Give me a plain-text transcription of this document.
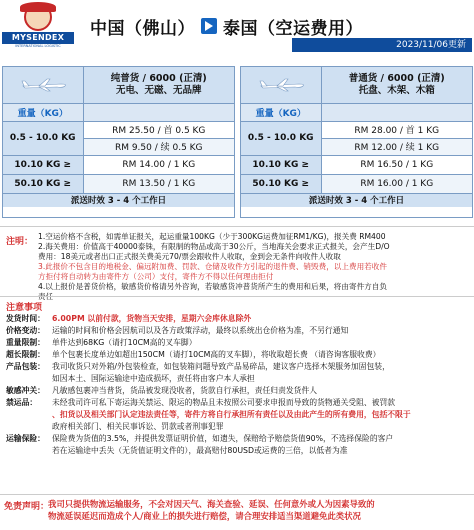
MYSENDEX
INTERNATIONAL LOGISTIC
中国（佛山） 泰国（空运费用）
2023/11/06更新

纯普货 / 6000 (正清)
无电、无磁、无品牌

重量（KG）	
0.5 - 10.0 KG	RM 25.50 / 首 0.5 KG
	RM 9.50 / 续 0.5 KG
10.10 KG ≥	RM 14.00 / 1 KG
50.10 KG ≥	RM 13.50 / 1 KG
派送时效 3 - 4 个工作日	

普通货 / 6000 (正清)
托盘、木架、木箱

重量（KG）	
0.5 - 10.0 KG	RM 28.00 / 首 1 KG
	RM 12.00 / 续 1 KG
10.10 KG ≥	RM 16.50 / 1 KG
50.10 KG ≥	RM 16.00 / 1 KG
派送时效 3 - 4 个工作日	
注明：
1.空运价格不含税，如需单证报关，起运重量100KG（少于300KG运费加征RM1/KG)，报关费 RM400
2.海关费用：价值高于40000泰铢，有限制的物品或高于30公斤，当地海关会要求正式报关，会产生D/O
费用：18美元或者出口正式报关费美元70/票会跟收件人收取，金到会无条件向收件人收取
3.此报价不包含目的地税金、偏远附加费、罚款、仓储及收件方引起的退件费、销毁费，以上费用若收件
方拒付将自动转为由寄件方（公司）支付，寄件方不得以任何理由拒付
4.以上报价是普货价格，敏感货价格请另外咨询，若敏感货冲普货所产生的费用和后果，将由寄件方自负
注意事项
发货时间： 6.00PM 以前付款，货物当天安排，星期六会库休息除外
价格变动： 运输的时间和价格会因航司以及各方政策浮动，最终以系统出仓价格为准，不另行通知
重量限制： 单件达到68KG（请打10CM高的叉车脚）
超长限制： 单个包裹长度单边如超出150CM（请打10CM高的叉车脚），将收取超长费 （请咨询客服收费）
产品包装： 我司收货只对外箱/外包装检查，如包装箱问题导致产品易碎品，建议客户选择木架服务加固包装，
如因本土、国际运输途中造成损坏，责任将由客户本人承担
敏感冲关： 凡敏感包裹冲当普货，货品被发现没收者，货款自行承担，责任归责发货件人
禁运品： 未经我司许可私下寄运海关禁运、限运的物品且未按照公司要求申报而导致的货物通关受阻、被罚款
、扣货以及相关部门认定违法责任等，寄件方将自行承担所有责任以及由此产生的所有费用，包括不限于
政府相关部门、相关民事诉讼、罚款或者刑事犯罪
运输保险： 保险费为货值的3.5%，并提供发票证明价值，如遗失，保赔给予赔偿货值90%，不选择保险的客户
若在运输途中丢失（无货值证明文件的），最高赔付80USD或运费的三倍，以低者为准
免责声明：
我司只提供物流运输服务，不会对因天气、海关查验、延误、任何意外或人为因素导致的
物流延误延迟而造成个人/商业上的损失进行赔偿，请合理安排适当渠道避免此类状况
